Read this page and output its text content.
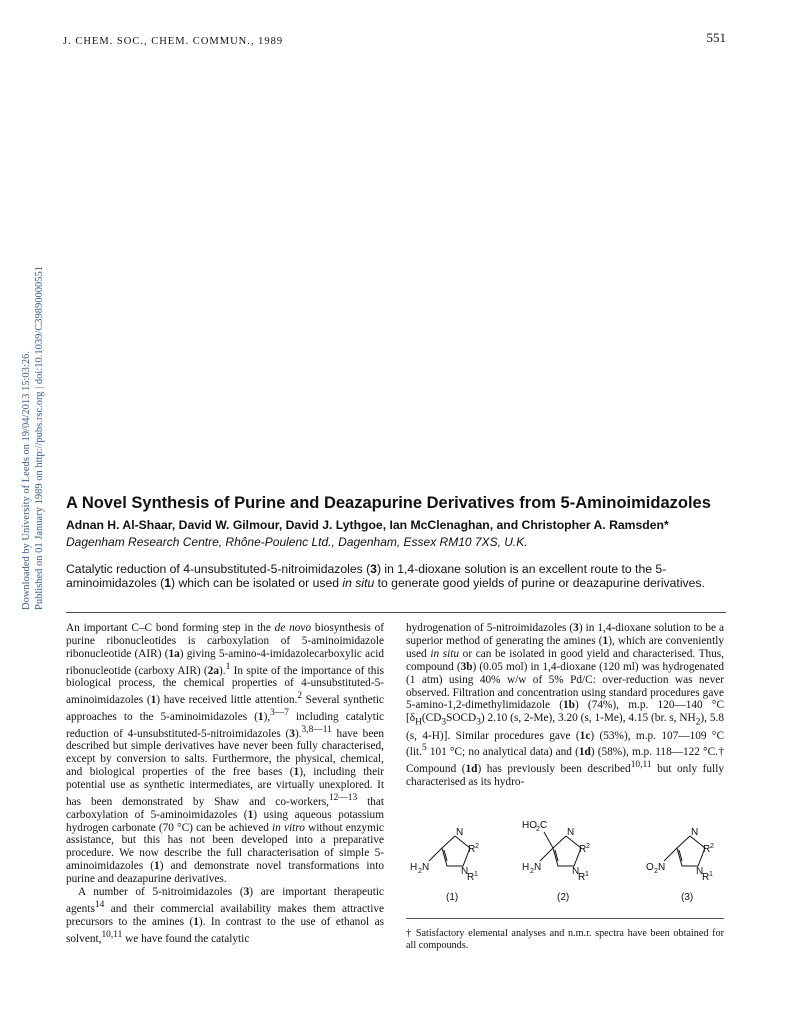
J. CHEM. SOC., CHEM. COMMUN., 1989	551
Downloaded by University of Leeds on 19/04/2013 15:03:26. Published on 01 January 1989 on http://pubs.rsc.org | doi:10.1039/C39890000551 A Novel Synthesis of Purine and Deazapurine Derivatives from 5-Aminoimidazoles
Adnan H. Al-Shaar, David W. Gilmour, David J. Lythgoe, Ian McClenaghan, and Christopher A. Ramsden*
Dagenham Research Centre, Rhône-Poulenc Ltd., Dagenham, Essex RM10 7XS, U.K.
Catalytic reduction of 4-unsubstituted-5-nitroimidazoles (3) in 1,4-dioxane solution is an excellent route to the 5-aminoimidazoles (1) which can be isolated or used in situ to generate good yields of purine or deazapurine derivatives.

An important C–C bond forming step in the de novo biosynthesis of purine ribonucleotides is carboxylation of 5-aminoimidazole ribonucleotide (AIR) (1a) giving 5-amino-4-imidazolecarboxylic acid ribonucleotide (carboxy AIR) (2a).$^1$ In spite of the importance of this biological process, the chemical properties of 4-unsubstituted-5-aminoimidazoles (1) have received little attention.$^2$ Several synthetic approaches to the 5-aminoimidazoles (1),$^{3—7}$ including catalytic reduction of 4-unsubstituted-5-nitroimidazoles (3).$^{3,8—11}$ have been described but simple derivatives have never been fully characterised, except by conversion to salts. Furthermore, the physical, chemical, and biological properties of the free bases (1), including their potential use as synthetic intermediates, are virtually unexplored. It has been demonstrated by Shaw and co-workers,$^{12—13}$ that carboxylation of 5-aminoimidazoles (1) using aqueous potassium hydrogen carbonate (70 °C) can be achieved in vitro without enzymic assistance, but this has not been developed into a preparative procedure. We now describe the full characterisation of simple 5-aminoimidazoles (1) and demonstrate novel transformations into purine and deazapurine derivatives.

A number of 5-nitroimidazoles (3) are important therapeutic agents$^{14}$ and their commercial availability makes them attractive precursors to the amines (1). In contrast to the use of ethanol as solvent,$^{10,11}$ we have found the catalytic

hydrogenation of 5-nitroimidazoles (3) in 1,4-dioxane solution to be a superior method of generating the amines (1), which are conveniently used in situ or can be isolated in good yield and characterised. Thus, compound (3b) (0.05 mol) in 1,4-dioxane (120 ml) was hydrogenated (1 atm) using 40% w/w of 5% Pd/C: over-reduction was never observed. Filtration and concentration using standard procedures gave 5-amino-1,2-dimethylimidazole (1b) (74%), m.p. 120—140 °C [$\delta_H(CD_3SOCD_3)$ 2.10 (s, 2-Me), 3.20 (s, 1-Me), 4.15 (br. s, $NH_2$), 5.8 (s, 4-H)]. Similar procedures gave (1c) (53%), m.p. 107—109 °C (lit.$^5$ 101 °C; no analytical data) and (1d) (58%), m.p. 118—122 °C.† Compound (1d) has previously been described$^{10,11}$ but only fully characterised as its hydro-

N
R 2
N
R 1
H 2 N
(1)
HO 2 C
N
R 2
N
R 1
H 2 N
(2)
N
R 2
N
R 1
O 2 N
(3)
† Satisfactory elemental analyses and n.m.r. spectra have been obtained for all compounds.
